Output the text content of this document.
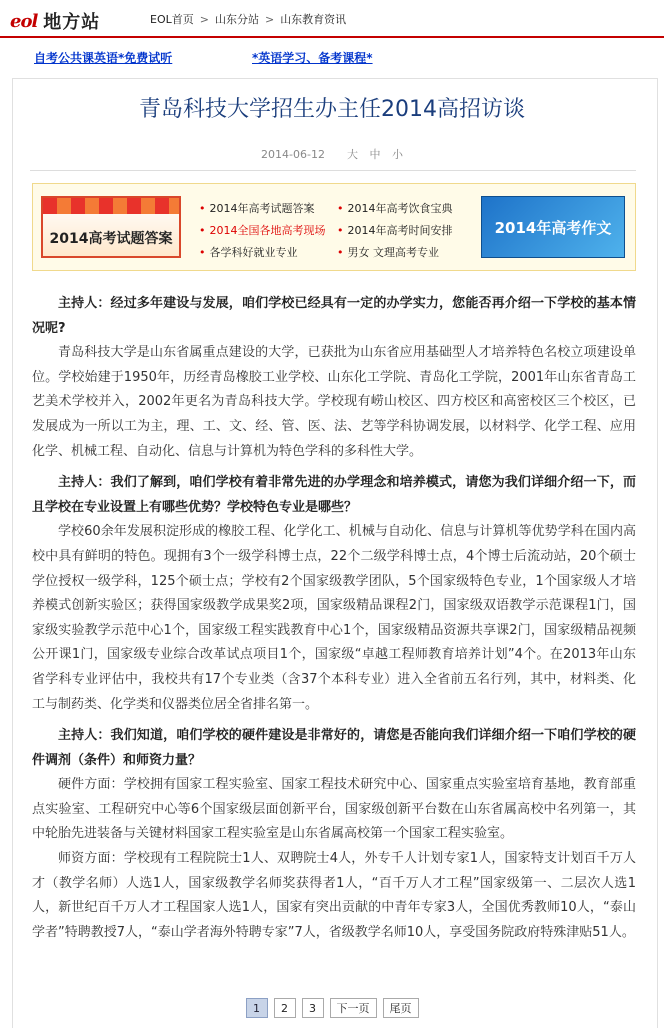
eol 地方站	EOL首页 > 山东分站 > 山东教育资讯
自考公共课英语*免费试听	*英语学习、备考课程*
青岛科技大学招生办主任2014高招访谈
2014-06-12 大 中 小
2014高考试题答案
• 2014年高考试题答案 • 2014年高考饮食宝典
• 2014全国各地高考现场 • 2014年高考时间安排
• 各学科好就业专业	• 男女 文理高考专业
2014年高考作文

主持人：经过多年建设与发展，咱们学校已经具有一定的办学实力，您能否再介绍一下学校的基本情况呢?

青岛科技大学是山东省属重点建设的大学，已获批为山东省应用基础型人才培养特色名校立项建设单位。学校始建于1950年，历经青岛橡胶工业学校、山东化工学院、青岛化工学院，2001年山东省青岛工艺美术学校并入，2002年更名为青岛科技大学。学校现有崂山校区、四方校区和高密校区三个校区，已发展成为一所以工为主，理、工、文、经、管、医、法、艺等学科协调发展，以材料学、化学工程、应用化学、机械工程、自动化、信息与计算机为特色学科的多科性大学。

主持人：我们了解到，咱们学校有着非常先进的办学理念和培养模式，请您为我们详细介绍一下，而且学校在专业设置上有哪些优势？学校特色专业是哪些？

学校60余年发展积淀形成的橡胶工程、化学化工、机械与自动化、信息与计算机等优势学科在国内高校中具有鲜明的特色。现拥有3个一级学科博士点，22个二级学科博士点，4个博士后流动站，20个硕士学位授权一级学科，125个硕士点；学校有2个国家级教学团队，5个国家级特色专业，1个国家级人才培养模式创新实验区；获得国家级教学成果奖2项，国家级精品课程2门，国家级双语教学示范课程1门，国家级实验教学示范中心1个，国家级工程实践教育中心1个，国家级精品资源共享课2门，国家级精品视频公开课1门，国家级专业综合改革试点项目1个，国家级“卓越工程师教育培养计划”4个。在2013年山东省学科专业评估中，我校共有17个专业类（含37个本科专业）进入全省前五名行列，其中，材料类、化工与制药类、化学类和仪器类位居全省排名第一。

主持人：我们知道，咱们学校的硬件建设是非常好的，请您是否能向我们详细介绍一下咱们学校的硬件调剂（条件）和师资力量？

硬件方面：学校拥有国家工程实验室、国家工程技术研究中心、国家重点实验室培育基地，教育部重点实验室、工程研究中心等6个国家级层面创新平台，国家级创新平台数在山东省属高校中名列第一，其中轮胎先进装备与关键材料国家工程实验室是山东省属高校第一个国家工程实验室。

师资方面：学校现有工程院院士1人、双聘院士4人，外专千人计划专家1人，国家特支计划百千万人才（教学名师）人选1人，国家级教学名师奖获得者1人，“百千万人才工程”国家级第一、二层次人选1人，新世纪百千万人才工程国家人选1人，国家有突出贡献的中青年专家3人，全国优秀教师10人，“泰山学者”特聘教授7人，“泰山学者海外特聘专家”7人，省级教学名师10人，享受国务院政府特殊津贴51人。

1	2	3	下一页	尾页
